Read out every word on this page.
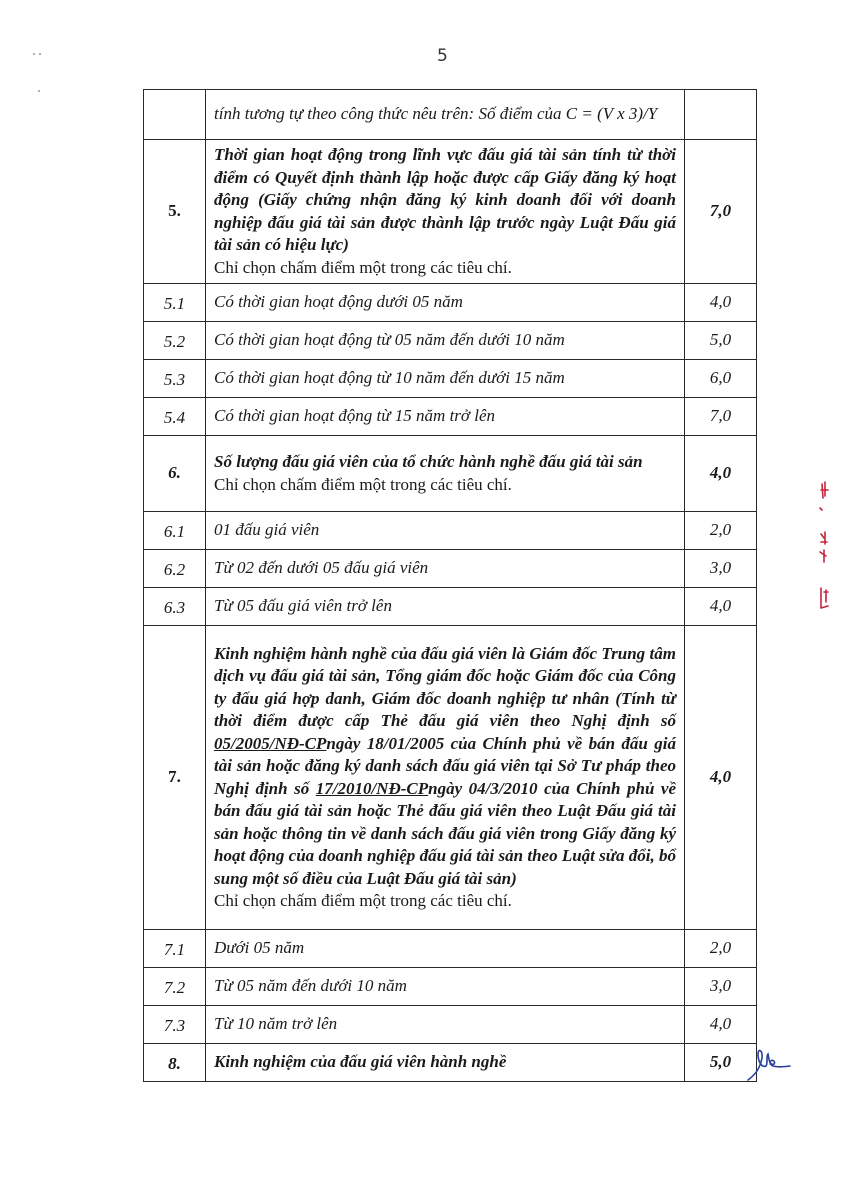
5
	tính tương tự theo công thức nêu trên: Số điểm của C = (V x 3)/Y	
5.	Thời gian hoạt động trong lĩnh vực đấu giá tài sản tính từ thời điểm có Quyết định thành lập hoặc được cấp Giấy đăng ký hoạt động (Giấy chứng nhận đăng ký kinh doanh đối với doanh nghiệp đấu giá tài sản được thành lập trước ngày Luật Đấu giá tài sản có hiệu lực)
Chỉ chọn chấm điểm một trong các tiêu chí.	7,0
5.1	Có thời gian hoạt động dưới 05 năm	4,0
5.2	Có thời gian hoạt động từ 05 năm đến dưới 10 năm	5,0
5.3	Có thời gian hoạt động từ 10 năm đến dưới 15 năm	6,0
5.4	Có thời gian hoạt động từ 15 năm trở lên	7,0
6.	Số lượng đấu giá viên của tổ chức hành nghề đấu giá tài sản
Chỉ chọn chấm điểm một trong các tiêu chí.	4,0
6.1	01 đấu giá viên	2,0
6.2	Từ 02 đến dưới 05 đấu giá viên	3,0
6.3	Từ 05 đấu giá viên trở lên	4,0
7.	Kinh nghiệm hành nghề của đấu giá viên là Giám đốc Trung tâm dịch vụ đấu giá tài sản, Tổng giám đốc hoặc Giám đốc của Công ty đấu giá hợp danh, Giám đốc doanh nghiệp tư nhân (Tính từ thời điểm được cấp Thẻ đấu giá viên theo Nghị định số 05/2005/NĐ-CPngày 18/01/2005 của Chính phủ về bán đấu giá tài sản hoặc đăng ký danh sách đấu giá viên tại Sở Tư pháp theo Nghị định số 17/2010/NĐ-CPngày 04/3/2010 của Chính phủ về bán đấu giá tài sản hoặc Thẻ đấu giá viên theo Luật Đấu giá tài sản hoặc thông tin về danh sách đấu giá viên trong Giấy đăng ký hoạt động của doanh nghiệp đấu giá tài sản theo Luật sửa đổi, bổ sung một số điều của Luật Đấu giá tài sản)
Chỉ chọn chấm điểm một trong các tiêu chí.	4,0
7.1	Dưới 05 năm	2,0
7.2	Từ 05 năm đến dưới 10 năm	3,0
7.3	Từ 10 năm trở lên	4,0
8.	Kinh nghiệm của đấu giá viên hành nghề	5,0
